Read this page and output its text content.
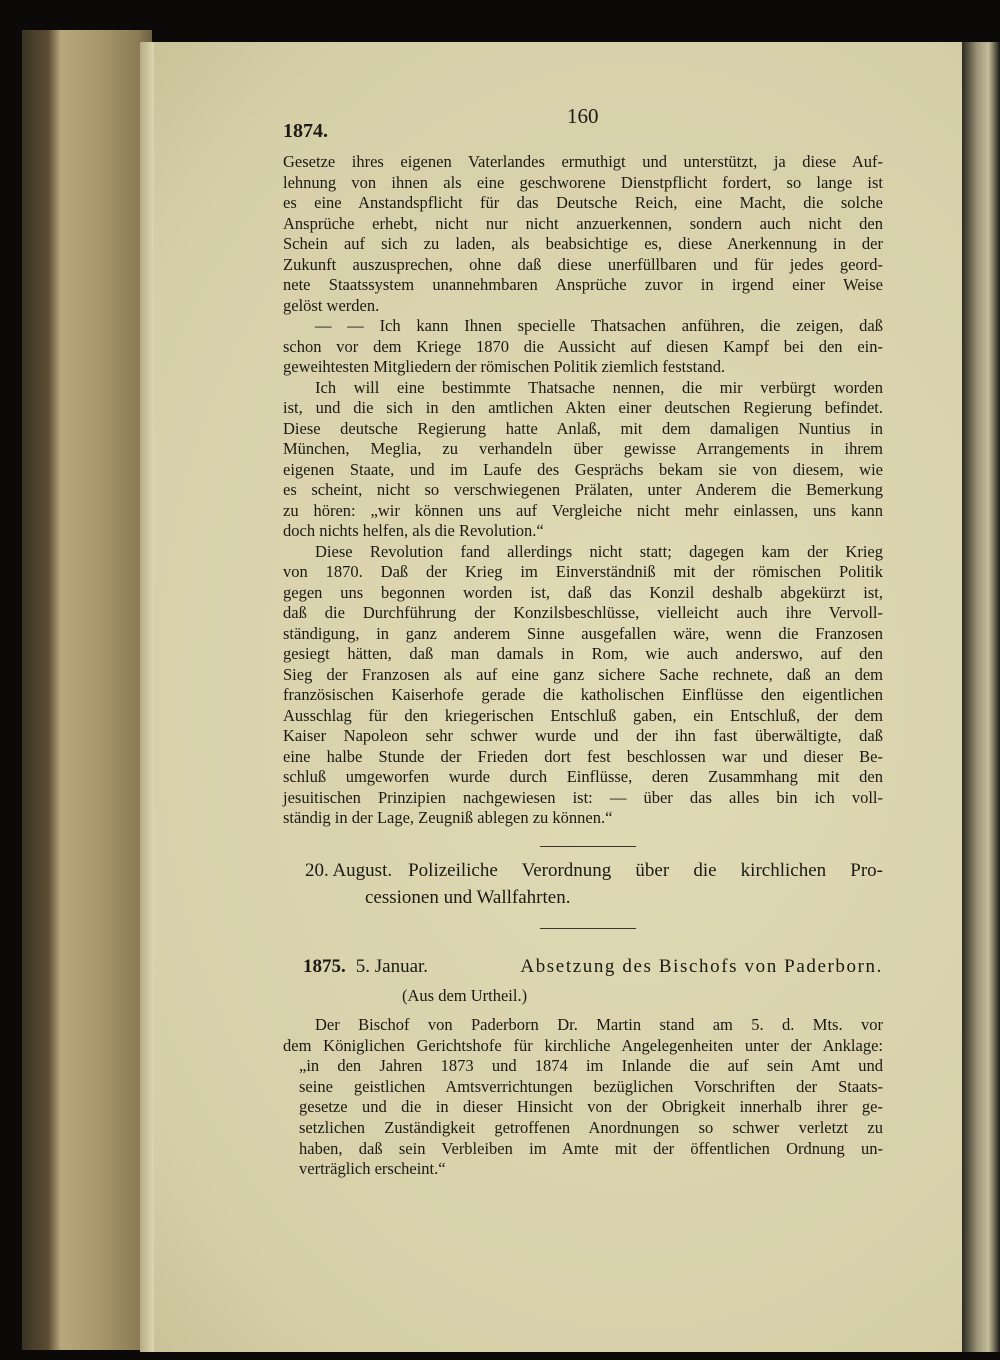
160
1874.
Gesetze ihres eigenen Vaterlandes ermuthigt und unterstützt, ja diese Auf-
lehnung von ihnen als eine geschworene Dienstpflicht fordert, so lange ist
es eine Anstandspflicht für das Deutsche Reich, eine Macht, die solche
Ansprüche erhebt, nicht nur nicht anzuerkennen, sondern auch nicht den
Schein auf sich zu laden, als beabsichtige es, diese Anerkennung in der
Zukunft auszusprechen, ohne daß diese unerfüllbaren und für jedes geord-
nete Staatssystem unannehmbaren Ansprüche zuvor in irgend einer Weise
gelöst werden.
— — Ich kann Ihnen specielle Thatsachen anführen, die zeigen, daß
schon vor dem Kriege 1870 die Aussicht auf diesen Kampf bei den ein-
geweihtesten Mitgliedern der römischen Politik ziemlich feststand.
Ich will eine bestimmte Thatsache nennen, die mir verbürgt worden
ist, und die sich in den amtlichen Akten einer deutschen Regierung befindet.
Diese deutsche Regierung hatte Anlaß, mit dem damaligen Nuntius in
München, Meglia, zu verhandeln über gewisse Arrangements in ihrem
eigenen Staate, und im Laufe des Gesprächs bekam sie von diesem, wie
es scheint, nicht so verschwiegenen Prälaten, unter Anderem die Bemerkung
zu hören: „wir können uns auf Vergleiche nicht mehr einlassen, uns kann
doch nichts helfen, als die Revolution.“
Diese Revolution fand allerdings nicht statt; dagegen kam der Krieg
von 1870. Daß der Krieg im Einverständniß mit der römischen Politik
gegen uns begonnen worden ist, daß das Konzil deshalb abgekürzt ist,
daß die Durchführung der Konzilsbeschlüsse, vielleicht auch ihre Vervoll-
ständigung, in ganz anderem Sinne ausgefallen wäre, wenn die Franzosen
gesiegt hätten, daß man damals in Rom, wie auch anderswo, auf den
Sieg der Franzosen als auf eine ganz sichere Sache rechnete, daß an dem
französischen Kaiserhofe gerade die katholischen Einflüsse den eigentlichen
Ausschlag für den kriegerischen Entschluß gaben, ein Entschluß, der dem
Kaiser Napoleon sehr schwer wurde und der ihn fast überwältigte, daß
eine halbe Stunde der Frieden dort fest beschlossen war und dieser Be-
schluß umgeworfen wurde durch Einflüsse, deren Zusammhang mit den
jesuitischen Prinzipien nachgewiesen ist: — über das alles bin ich voll-
ständig in der Lage, Zeugniß ablegen zu können.“
20. August. Polizeiliche Verordnung über die kirchlichen Pro-
cessionen und Wallfahrten.
1875. 5. Januar.	Absetzung des Bischofs von Paderborn.
(Aus dem Urtheil.)
Der Bischof von Paderborn Dr. Martin stand am 5. d. Mts. vor
dem Königlichen Gerichtshofe für kirchliche Angelegenheiten unter der Anklage:
„in den Jahren 1873 und 1874 im Inlande die auf sein Amt und
seine geistlichen Amtsverrichtungen bezüglichen Vorschriften der Staats-
gesetze und die in dieser Hinsicht von der Obrigkeit innerhalb ihrer ge-
setzlichen Zuständigkeit getroffenen Anordnungen so schwer verletzt zu
haben, daß sein Verbleiben im Amte mit der öffentlichen Ordnung un-
verträglich erscheint.“
